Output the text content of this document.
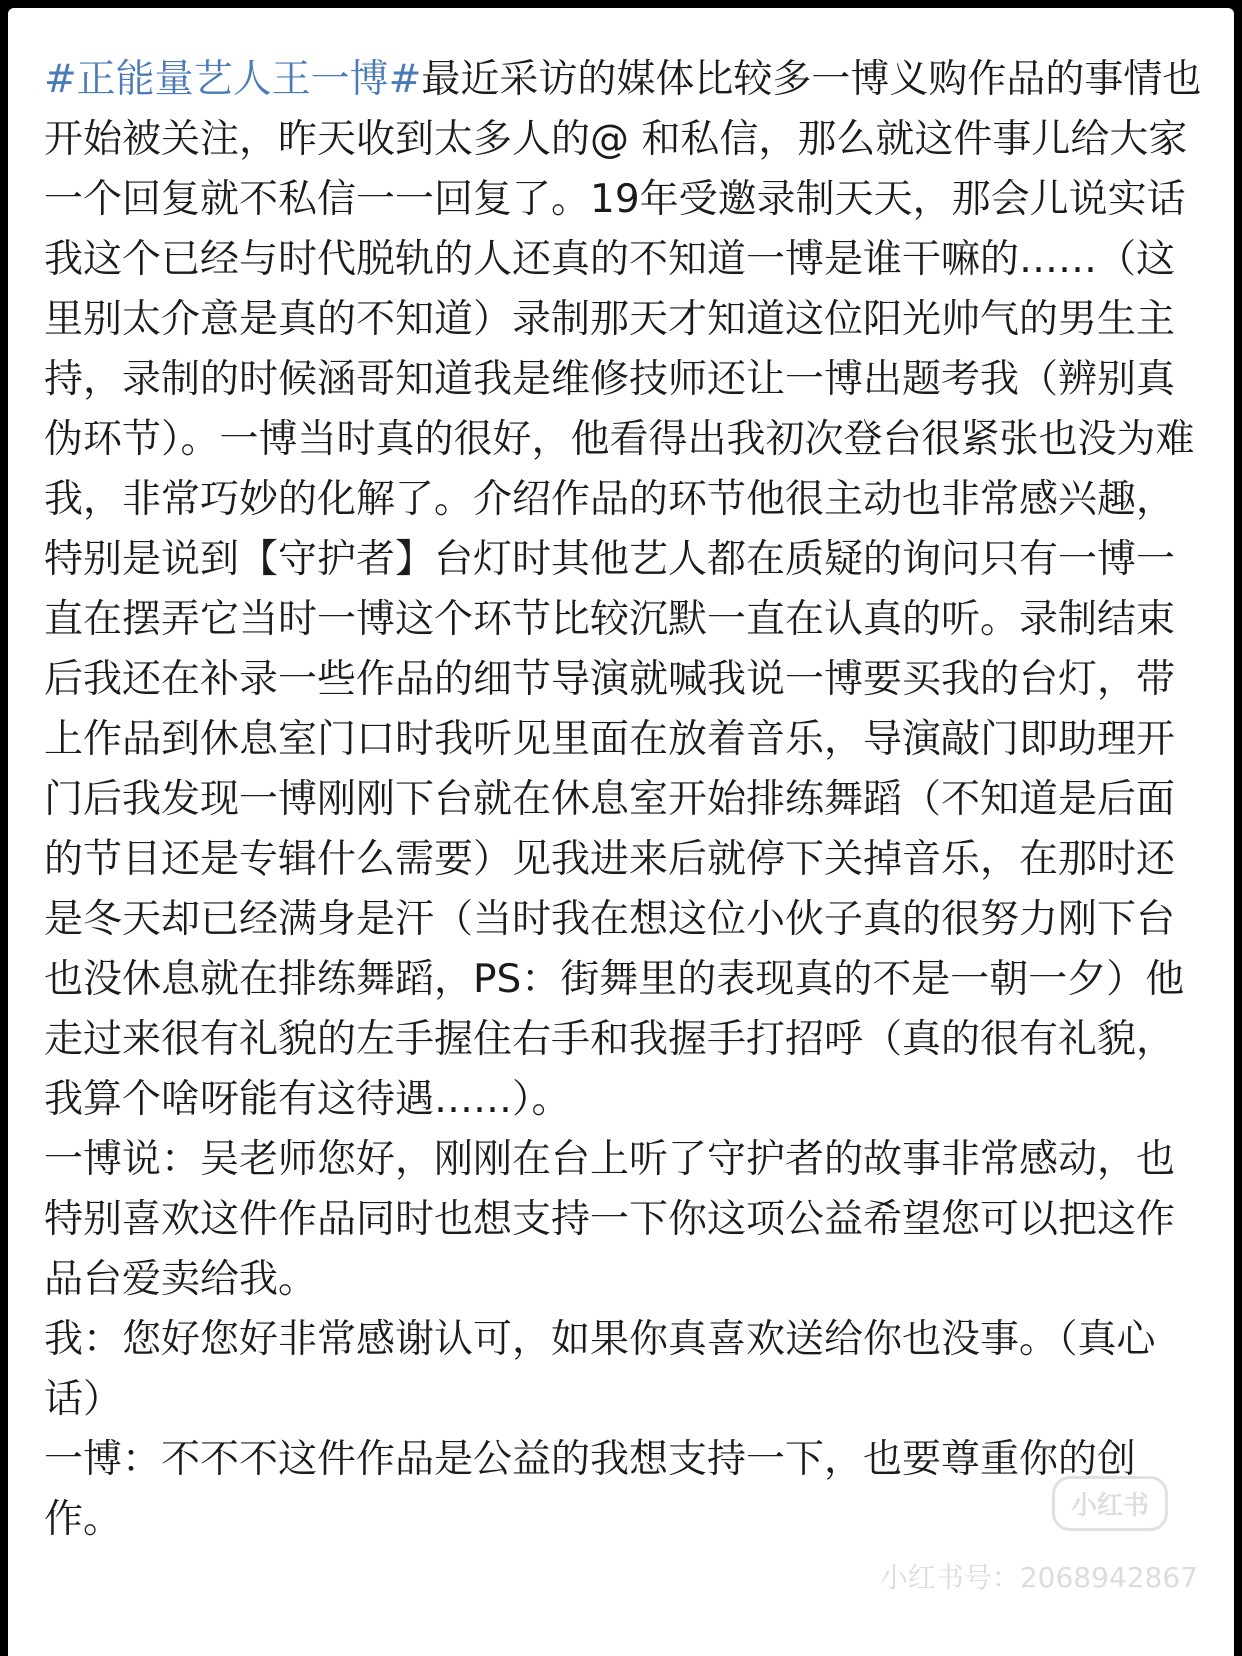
#正能量艺人王一博#最近采访的媒体比较多一博义购作品的事情也开始被关注，昨天收到太多人的@ 和私信，那么就这件事儿给大家一个回复就不私信一一回复了。19年受邀录制天天，那会儿说实话我这个已经与时代脱轨的人还真的不知道一博是谁干嘛的……（这里别太介意是真的不知道）录制那天才知道这位阳光帅气的男生主持，录制的时候涵哥知道我是维修技师还让一博出题考我（辨别真伪环节）。一博当时真的很好，他看得出我初次登台很紧张也没为难我，非常巧妙的化解了。介绍作品的环节他很主动也非常感兴趣，特别是说到【守护者】台灯时其他艺人都在质疑的询问只有一博一直在摆弄它当时一博这个环节比较沉默一直在认真的听。录制结束后我还在补录一些作品的细节导演就喊我说一博要买我的台灯，带上作品到休息室门口时我听见里面在放着音乐，导演敲门即助理开门后我发现一博刚刚下台就在休息室开始排练舞蹈（不知道是后面的节目还是专辑什么需要）见我进来后就停下关掉音乐，在那时还是冬天却已经满身是汗（当时我在想这位小伙子真的很努力刚下台也没休息就在排练舞蹈，PS：街舞里的表现真的不是一朝一夕）他走过来很有礼貌的左手握住右手和我握手打招呼（真的很有礼貌，我算个啥呀能有这待遇……）。
一博说：吴老师您好，刚刚在台上听了守护者的故事非常感动，也特别喜欢这件作品同时也想支持一下你这项公益希望您可以把这作品台爱卖给我。
我：您好您好非常感谢认可，如果你真喜欢送给你也没事。（真心话）
一博：不不不这件作品是公益的我想支持一下，也要尊重你的创作。	小红书
小红书号：2068942867
